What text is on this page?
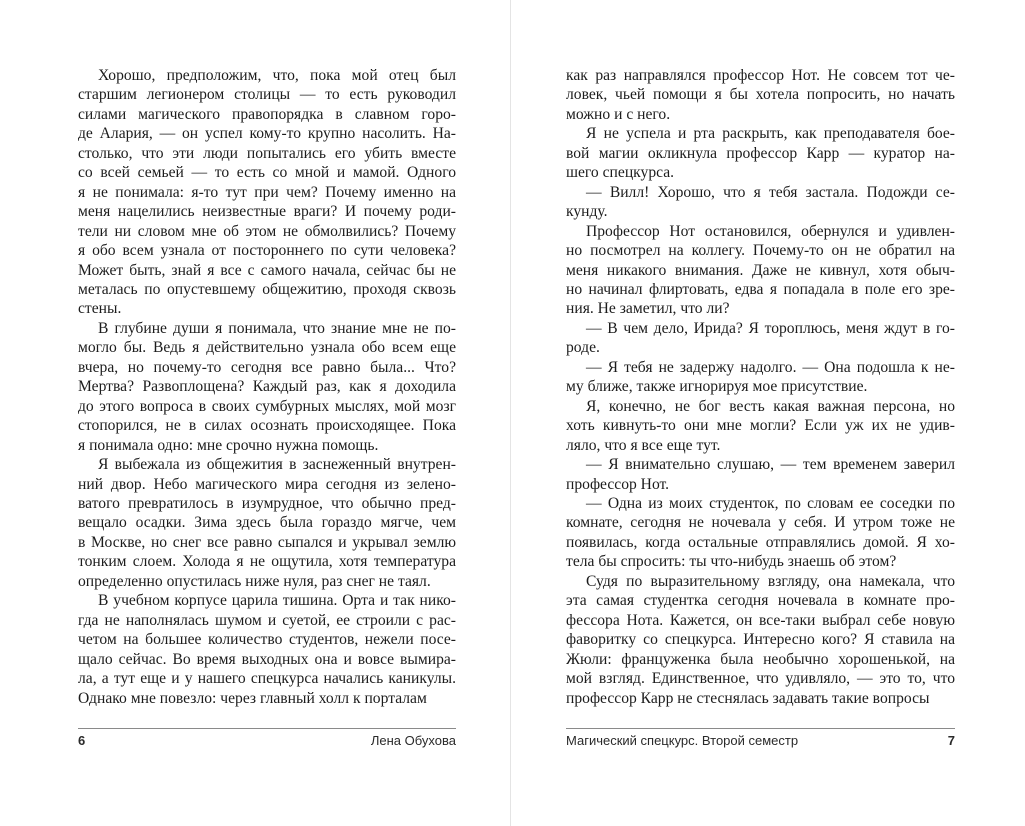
Хорошо, предположим, что, пока мой отец был
старшим легионером столицы — то есть руководил
силами магического правопорядка в славном горо-
де Алария, — он успел кому-то крупно насолить. На-
столько, что эти люди попытались его убить вместе
со всей семьей — то есть со мной и мамой. Одного
я не понимала: я-то тут при чем? Почему именно на
меня нацелились неизвестные враги? И почему роди-
тели ни словом мне об этом не обмолвились? Почему
я обо всем узнала от постороннего по сути человека?
Может быть, знай я все с самого начала, сейчас бы не
металась по опустевшему общежитию, проходя сквозь
стены.
В глубине души я понимала, что знание мне не по-
могло бы. Ведь я действительно узнала обо всем еще
вчера, но почему-то сегодня все равно была... Что?
Мертва? Развоплощена? Каждый раз, как я доходила
до этого вопроса в своих сумбурных мыслях, мой мозг
стопорился, не в силах осознать происходящее. Пока
я понимала одно: мне срочно нужна помощь.
Я выбежала из общежития в заснеженный внутрен-
ний двор. Небо магического мира сегодня из зелено-
ватого превратилось в изумрудное, что обычно пред-
вещало осадки. Зима здесь была гораздо мягче, чем
в Москве, но снег все равно сыпался и укрывал землю
тонким слоем. Холода я не ощутила, хотя температура
определенно опустилась ниже нуля, раз снег не таял.
В учебном корпусе царила тишина. Орта и так нико-
гда не наполнялась шумом и суетой, ее строили с рас-
четом на большее количество студентов, нежели посе-
щало сейчас. Во время выходных она и вовсе вымира-
ла, а тут еще и у нашего спецкурса начались каникулы.
Однако мне повезло: через главный холл к порталам
6	Лена Обухова
как раз направлялся профессор Нот. Не совсем тот че-
ловек, чьей помощи я бы хотела попросить, но начать
можно и с него.
Я не успела и рта раскрыть, как преподавателя бое-
вой магии окликнула профессор Карр — куратор на-
шего спецкурса.
— Вилл! Хорошо, что я тебя застала. Подожди се-
кунду.
Профессор Нот остановился, обернулся и удивлен-
но посмотрел на коллегу. Почему-то он не обратил на
меня никакого внимания. Даже не кивнул, хотя обыч-
но начинал флиртовать, едва я попадала в поле его зре-
ния. Не заметил, что ли?
— В чем дело, Ирида? Я тороплюсь, меня ждут в го-
роде.
— Я тебя не задержу надолго. — Она подошла к не-
му ближе, также игнорируя мое присутствие.
Я, конечно, не бог весть какая важная персона, но
хоть кивнуть-то они мне могли? Если уж их не удив-
ляло, что я все еще тут.
— Я внимательно слушаю, — тем временем заверил
профессор Нот.
— Одна из моих студенток, по словам ее соседки по
комнате, сегодня не ночевала у себя. И утром тоже не
появилась, когда остальные отправлялись домой. Я хо-
тела бы спросить: ты что-нибудь знаешь об этом?
Судя по выразительному взгляду, она намекала, что
эта самая студентка сегодня ночевала в комнате про-
фессора Нота. Кажется, он все-таки выбрал себе новую
фаворитку со спецкурса. Интересно кого? Я ставила на
Жюли: француженка была необычно хорошенькой, на
мой взгляд. Единственное, что удивляло, — это то, что
профессор Карр не стеснялась задавать такие вопросы
Магический спецкурс. Второй семестр	7
